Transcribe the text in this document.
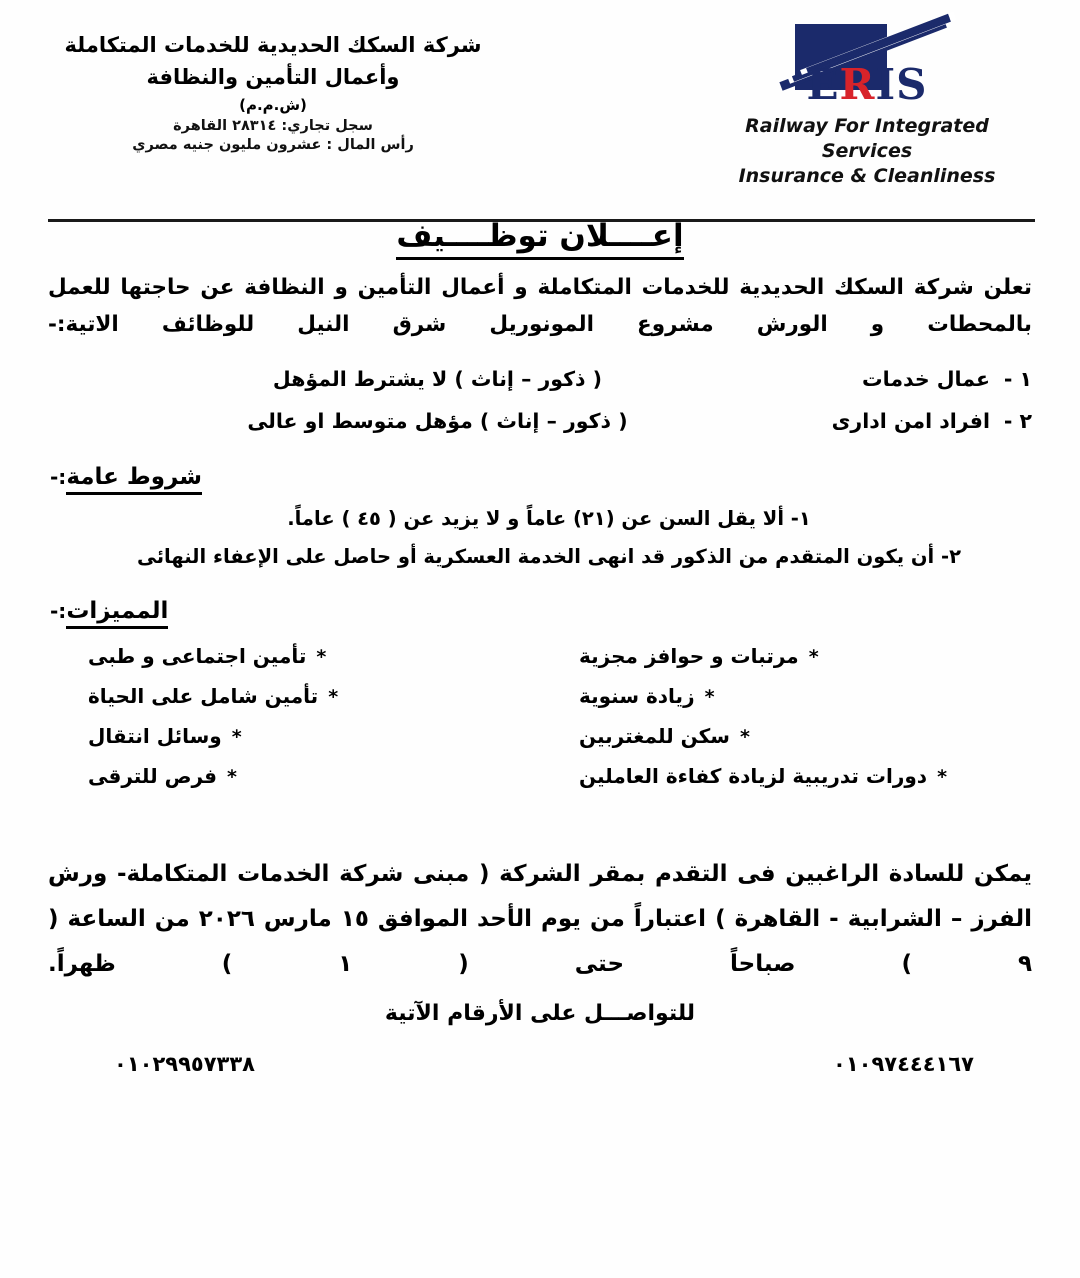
شركة السكك الحديدية للخدمات المتكاملة
وأعمال التأمين والنظافة
(ش.م.م)
سجل تجاري: ٢٨٣١٤ القاهرة
رأس المال : عشرون مليون جنيه مصري
ERIS
Railway For Integrated
Services
Insurance & Cleanliness
إعــــلان توظــــيف
تعلن شركة السكك الحديدية للخدمات المتكاملة و أعمال التأمين و النظافة عن حاجتها للعمل بالمحطات و الورش مشروع المونوريل شرق النيل للوظائف الاتية:-
١ -
عمال خدمات
( ذكور – إناث ) لا يشترط المؤهل
٢ -
افراد امن ادارى
( ذكور – إناث ) مؤهل متوسط او عالى
شروط عامة:-
١- ألا يقل السن عن (٢١) عاماً و لا يزيد عن ( ٤٥ ) عاماً.
٢- أن يكون المتقدم من الذكور قد انهى الخدمة العسكرية أو حاصل على الإعفاء النهائى
المميزات:-
*
مرتبات و حوافز مجزية
*
تأمين اجتماعى و طبى
*
زيادة سنوية
*
تأمين شامل على الحياة
*
سكن للمغتربين
*
وسائل انتقال
*
دورات تدريبية لزيادة كفاءة العاملين
*
فرص للترقى
يمكن للسادة الراغبين فى التقدم بمقر الشركة ( مبنى شركة الخدمات المتكاملة- ورش الفرز – الشرابية - القاهرة ) اعتباراً من يوم الأحد الموافق ١٥ مارس ٢٠٢٦ من الساعة ( ٩ ) صباحاً حتى ( ١ ) ظهراً.
للتواصـــل على الأرقام الآتية
٠١٠٩٧٤٤٤١٦٧
٠١٠٢٩٩٥٧٣٣٨
